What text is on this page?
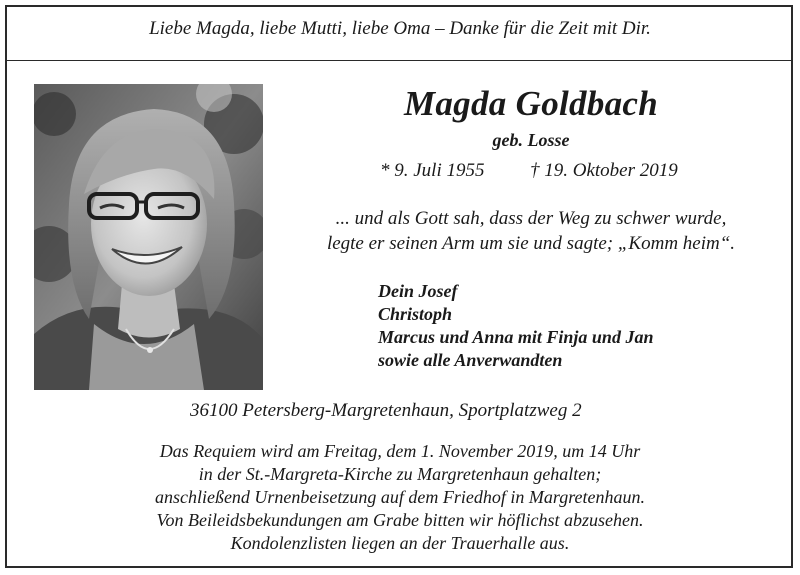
Liebe Magda, liebe Mutti, liebe Oma – Danke für die Zeit mit Dir.
Magda Goldbach
geb. Losse
* 9. Juli 1955 † 19. Oktober 2019
... und als Gott sah, dass der Weg zu schwer wurde,
legte er seinen Arm um sie und sagte; „Komm heim“.
Dein Josef
Christoph
Marcus und Anna mit Finja und Jan
sowie alle Anverwandten
36100 Petersberg-Margretenhaun, Sportplatzweg 2
Das Requiem wird am Freitag, dem 1. November 2019, um 14 Uhr
in der St.-Margreta-Kirche zu Margretenhaun gehalten;
anschließend Urnenbeisetzung auf dem Friedhof in Margretenhaun.
Von Beileidsbekundungen am Grabe bitten wir höflichst abzusehen.
Kondolenzlisten liegen an der Trauerhalle aus.
